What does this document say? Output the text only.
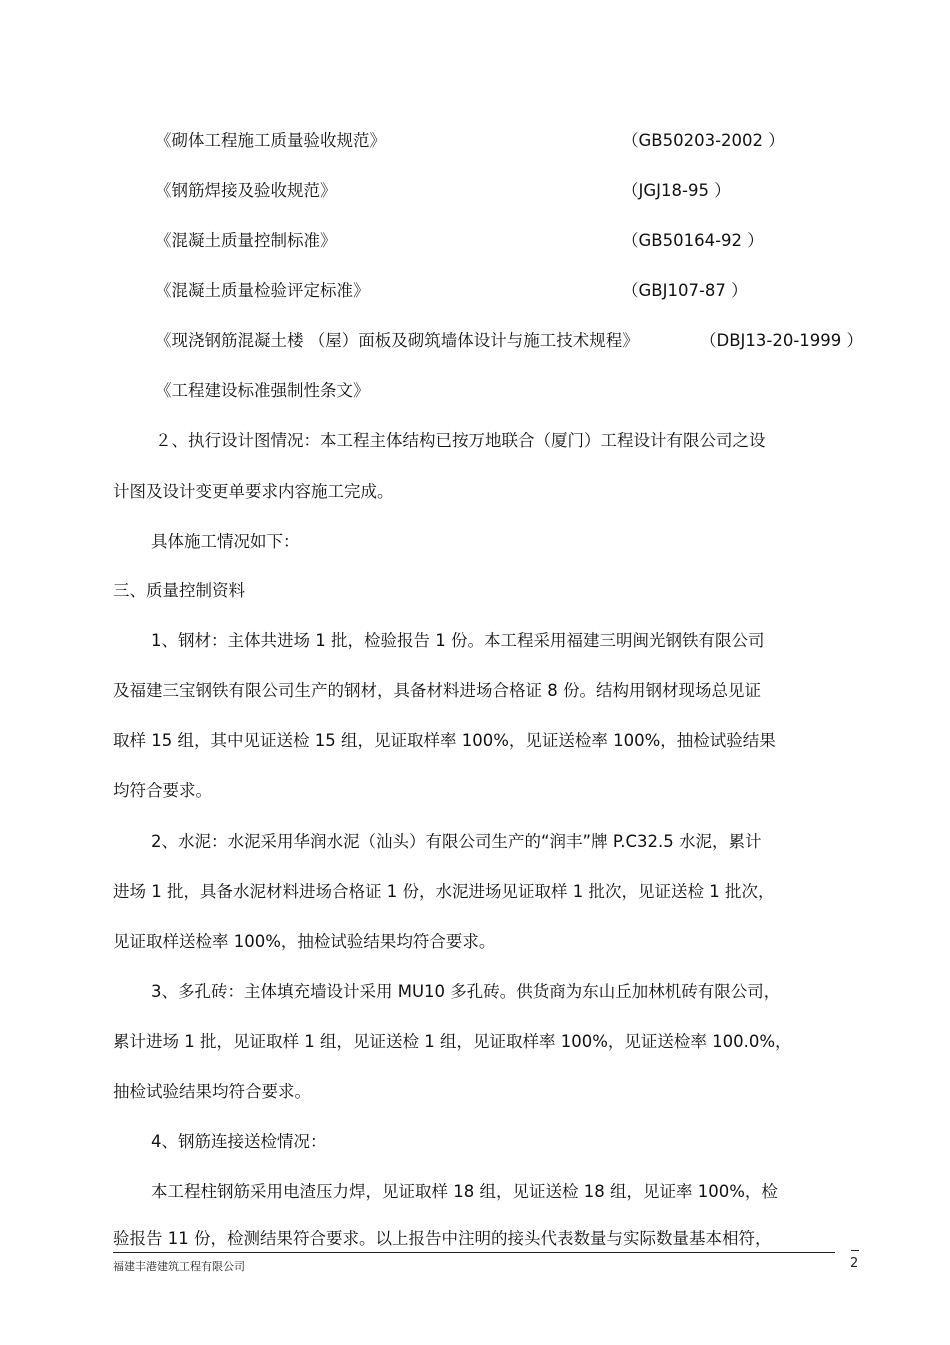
《砌体工程施工质量验收规范》	（GB50203-2002 ）
《钢筋焊接及验收规范》	（JGJ18-95 ）
《混凝土质量控制标准》	（GB50164-92 ）
《混凝土质量检验评定标准》	（GBJ107-87 ）
《现浇钢筋混凝土楼 （屋）面板及砌筑墙体设计与施工技术规程》	（DBJ13-20-1999 ）
《工程建设标准强制性条文》
２、执行设计图情况：本工程主体结构已按万地联合（厦门）工程设计有限公司之设
计图及设计变更单要求内容施工完成。
具体施工情况如下：
三、质量控制资料
1、钢材：主体共进场 1 批，检验报告 1 份。本工程采用福建三明闽光钢铁有限公司
及福建三宝钢铁有限公司生产的钢材，具备材料进场合格证 8 份。结构用钢材现场总见证
取样 15 组，其中见证送检 15 组，见证取样率 100%，见证送检率 100%，抽检试验结果
均符合要求。
2、水泥：水泥采用华润水泥（汕头）有限公司生产的“润丰”牌 P.C32.5 水泥，累计
进场 1 批，具备水泥材料进场合格证 1 份，水泥进场见证取样 1 批次，见证送检 1 批次，
见证取样送检率 100%，抽检试验结果均符合要求。
3、多孔砖：主体填充墙设计采用 MU10 多孔砖。供货商为东山丘加林机砖有限公司，
累计进场 1 批，见证取样 1 组，见证送检 1 组，见证取样率 100%，见证送检率 100.0%，
抽检试验结果均符合要求。
4、钢筋连接送检情况：
本工程柱钢筋采用电渣压力焊，见证取样 18 组，见证送检 18 组，见证率 100%，检
验报告 11 份，检测结果符合要求。以上报告中注明的接头代表数量与实际数量基本相符，
福建丰港建筑工程有限公司	2
